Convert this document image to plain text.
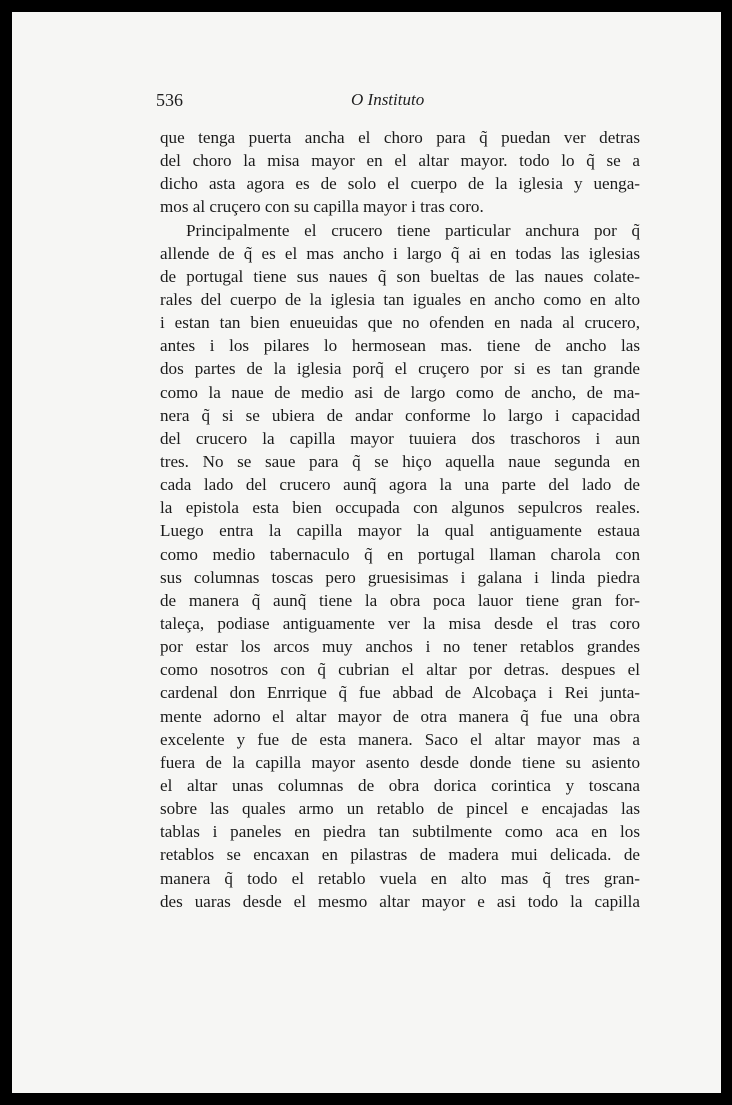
536	O Instituto
que tenga puerta ancha el choro para q̃ puedan ver detras
del choro la misa mayor en el altar mayor. todo lo q̃ se a
dicho asta agora es de solo el cuerpo de la iglesia y uenga-
mos al cruçero con su capilla mayor i tras coro.
Principalmente el crucero tiene particular anchura por q̃
allende de q̃ es el mas ancho i largo q̃ ai en todas las iglesias
de portugal tiene sus naues q̃ son bueltas de las naues colate-
rales del cuerpo de la iglesia tan iguales en ancho como en alto
i estan tan bien enueuidas que no ofenden en nada al crucero,
antes i los pilares lo hermosean mas. tiene de ancho las
dos partes de la iglesia porq̃ el cruçero por si es tan grande
como la naue de medio asi de largo como de ancho, de ma-
nera q̃ si se ubiera de andar conforme lo largo i capacidad
del crucero la capilla mayor tuuiera dos traschoros i aun
tres. No se saue para q̃ se hiço aquella naue segunda en
cada lado del crucero aunq̃ agora la una parte del lado de
la epistola esta bien occupada con algunos sepulcros reales.
Luego entra la capilla mayor la qual antiguamente estaua
como medio tabernaculo q̃ en portugal llaman charola con
sus columnas toscas pero gruesisimas i galana i linda piedra
de manera q̃ aunq̃ tiene la obra poca lauor tiene gran for-
taleça, podiase antiguamente ver la misa desde el tras coro
por estar los arcos muy anchos i no tener retablos grandes
como nosotros con q̃ cubrian el altar por detras. despues el
cardenal don Enrrique q̃ fue abbad de Alcobaça i Rei junta-
mente adorno el altar mayor de otra manera q̃ fue una obra
excelente y fue de esta manera. Saco el altar mayor mas a
fuera de la capilla mayor asento desde donde tiene su asiento
el altar unas columnas de obra dorica corintica y toscana
sobre las quales armo un retablo de pincel e encajadas las
tablas i paneles en piedra tan subtilmente como aca en los
retablos se encaxan en pilastras de madera mui delicada. de
manera q̃ todo el retablo vuela en alto mas q̃ tres gran-
des uaras desde el mesmo altar mayor e asi todo la capilla
